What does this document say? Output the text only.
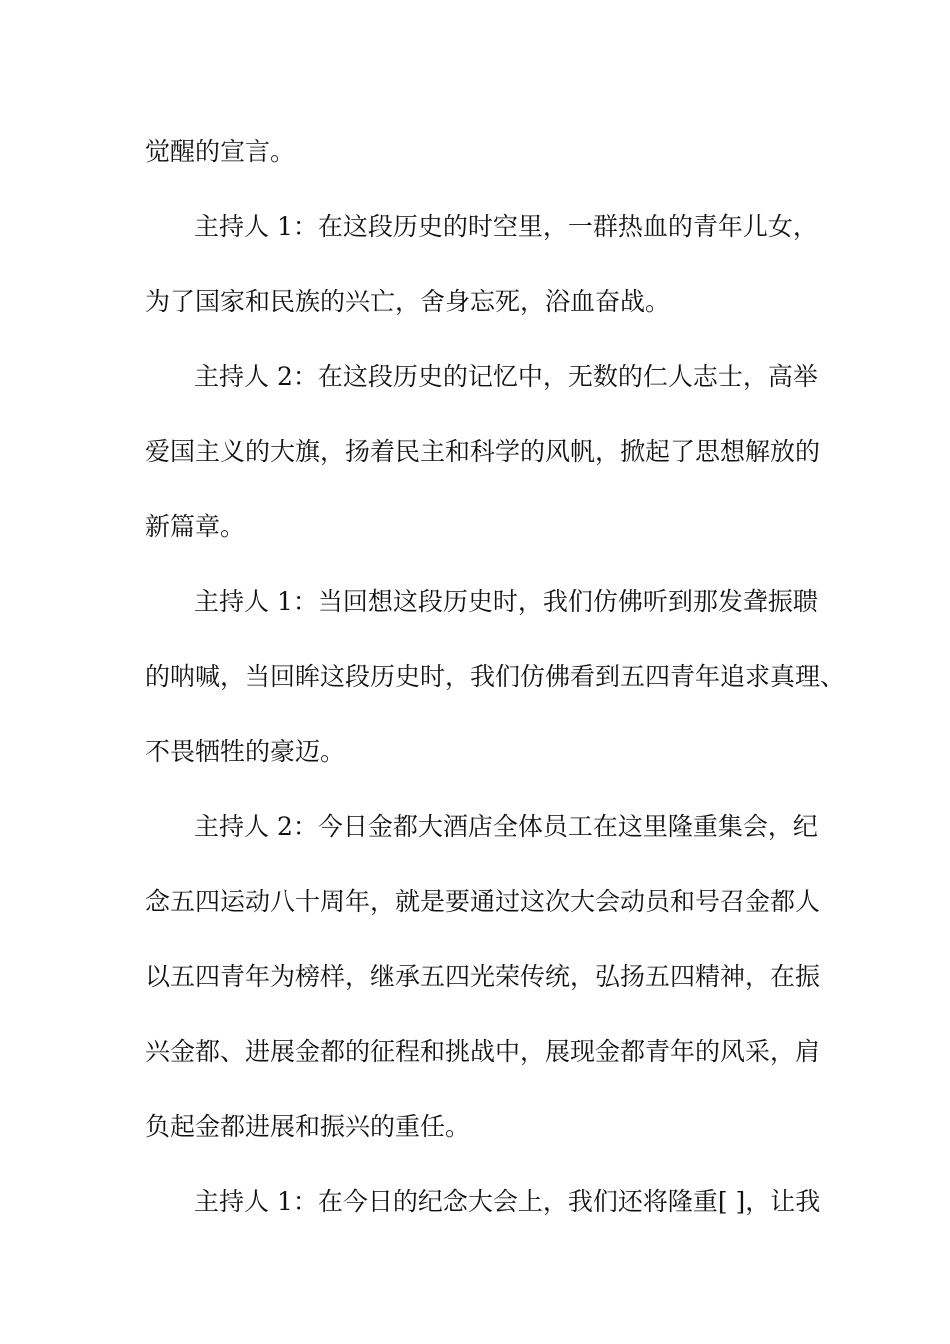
觉醒的宣言。
主持人 1：在这段历史的时空里，一群热血的青年儿女，
为了国家和民族的兴亡，舍身忘死，浴血奋战。
主持人 2：在这段历史的记忆中，无数的仁人志士，高举
爱国主义的大旗，扬着民主和科学的风帆，掀起了思想解放的
新篇章。
主持人 1：当回想这段历史时，我们仿佛听到那发聋振聩
的呐喊，当回眸这段历史时，我们仿佛看到五四青年追求真理、
不畏牺牲的豪迈。
主持人 2：今日金都大酒店全体员工在这里隆重集会，纪
念五四运动八十周年，就是要通过这次大会动员和号召金都人
以五四青年为榜样，继承五四光荣传统，弘扬五四精神，在振
兴金都、进展金都的征程和挑战中，展现金都青年的风采，肩
负起金都进展和振兴的重任。
主持人 1：在今日的纪念大会上，我们还将隆重[ ]，让我
